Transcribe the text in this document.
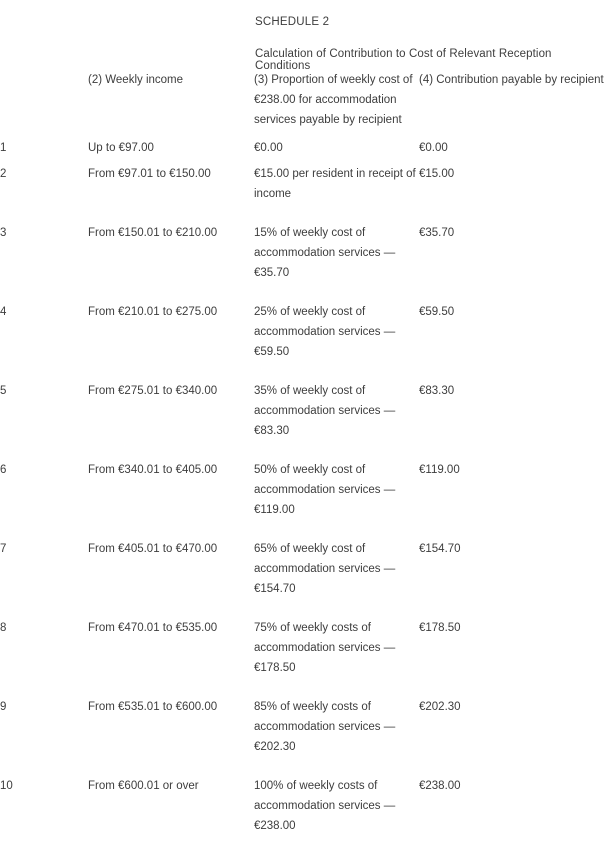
SCHEDULE 2
Calculation of Contribution to Cost of Relevant Reception Conditions
		(2) Weekly income	(3) Proportion of weekly cost of €238.00 for accommodation services payable by recipient	(4) Contribution payable by recipient
1		Up to €97.00	€0.00	€0.00
2		From €97.01 to €150.00	€15.00 per resident in receipt of income	€15.00
3		From €150.01 to €210.00	15% of weekly cost of accommodation services — €35.70	€35.70
4		From €210.01 to €275.00	25% of weekly cost of accommodation services — €59.50	€59.50
5		From €275.01 to €340.00	35% of weekly cost of accommodation services — €83.30	€83.30
6		From €340.01 to €405.00	50% of weekly cost of accommodation services — €119.00	€119.00
7		From €405.01 to €470.00	65% of weekly cost of accommodation services — €154.70	€154.70
8		From €470.01 to €535.00	75% of weekly costs of accommodation services — €178.50	€178.50
9		From €535.01 to €600.00	85% of weekly costs of accommodation services — €202.30	€202.30
10		From €600.01 or over	100% of weekly costs of accommodation services — €238.00	€238.00
